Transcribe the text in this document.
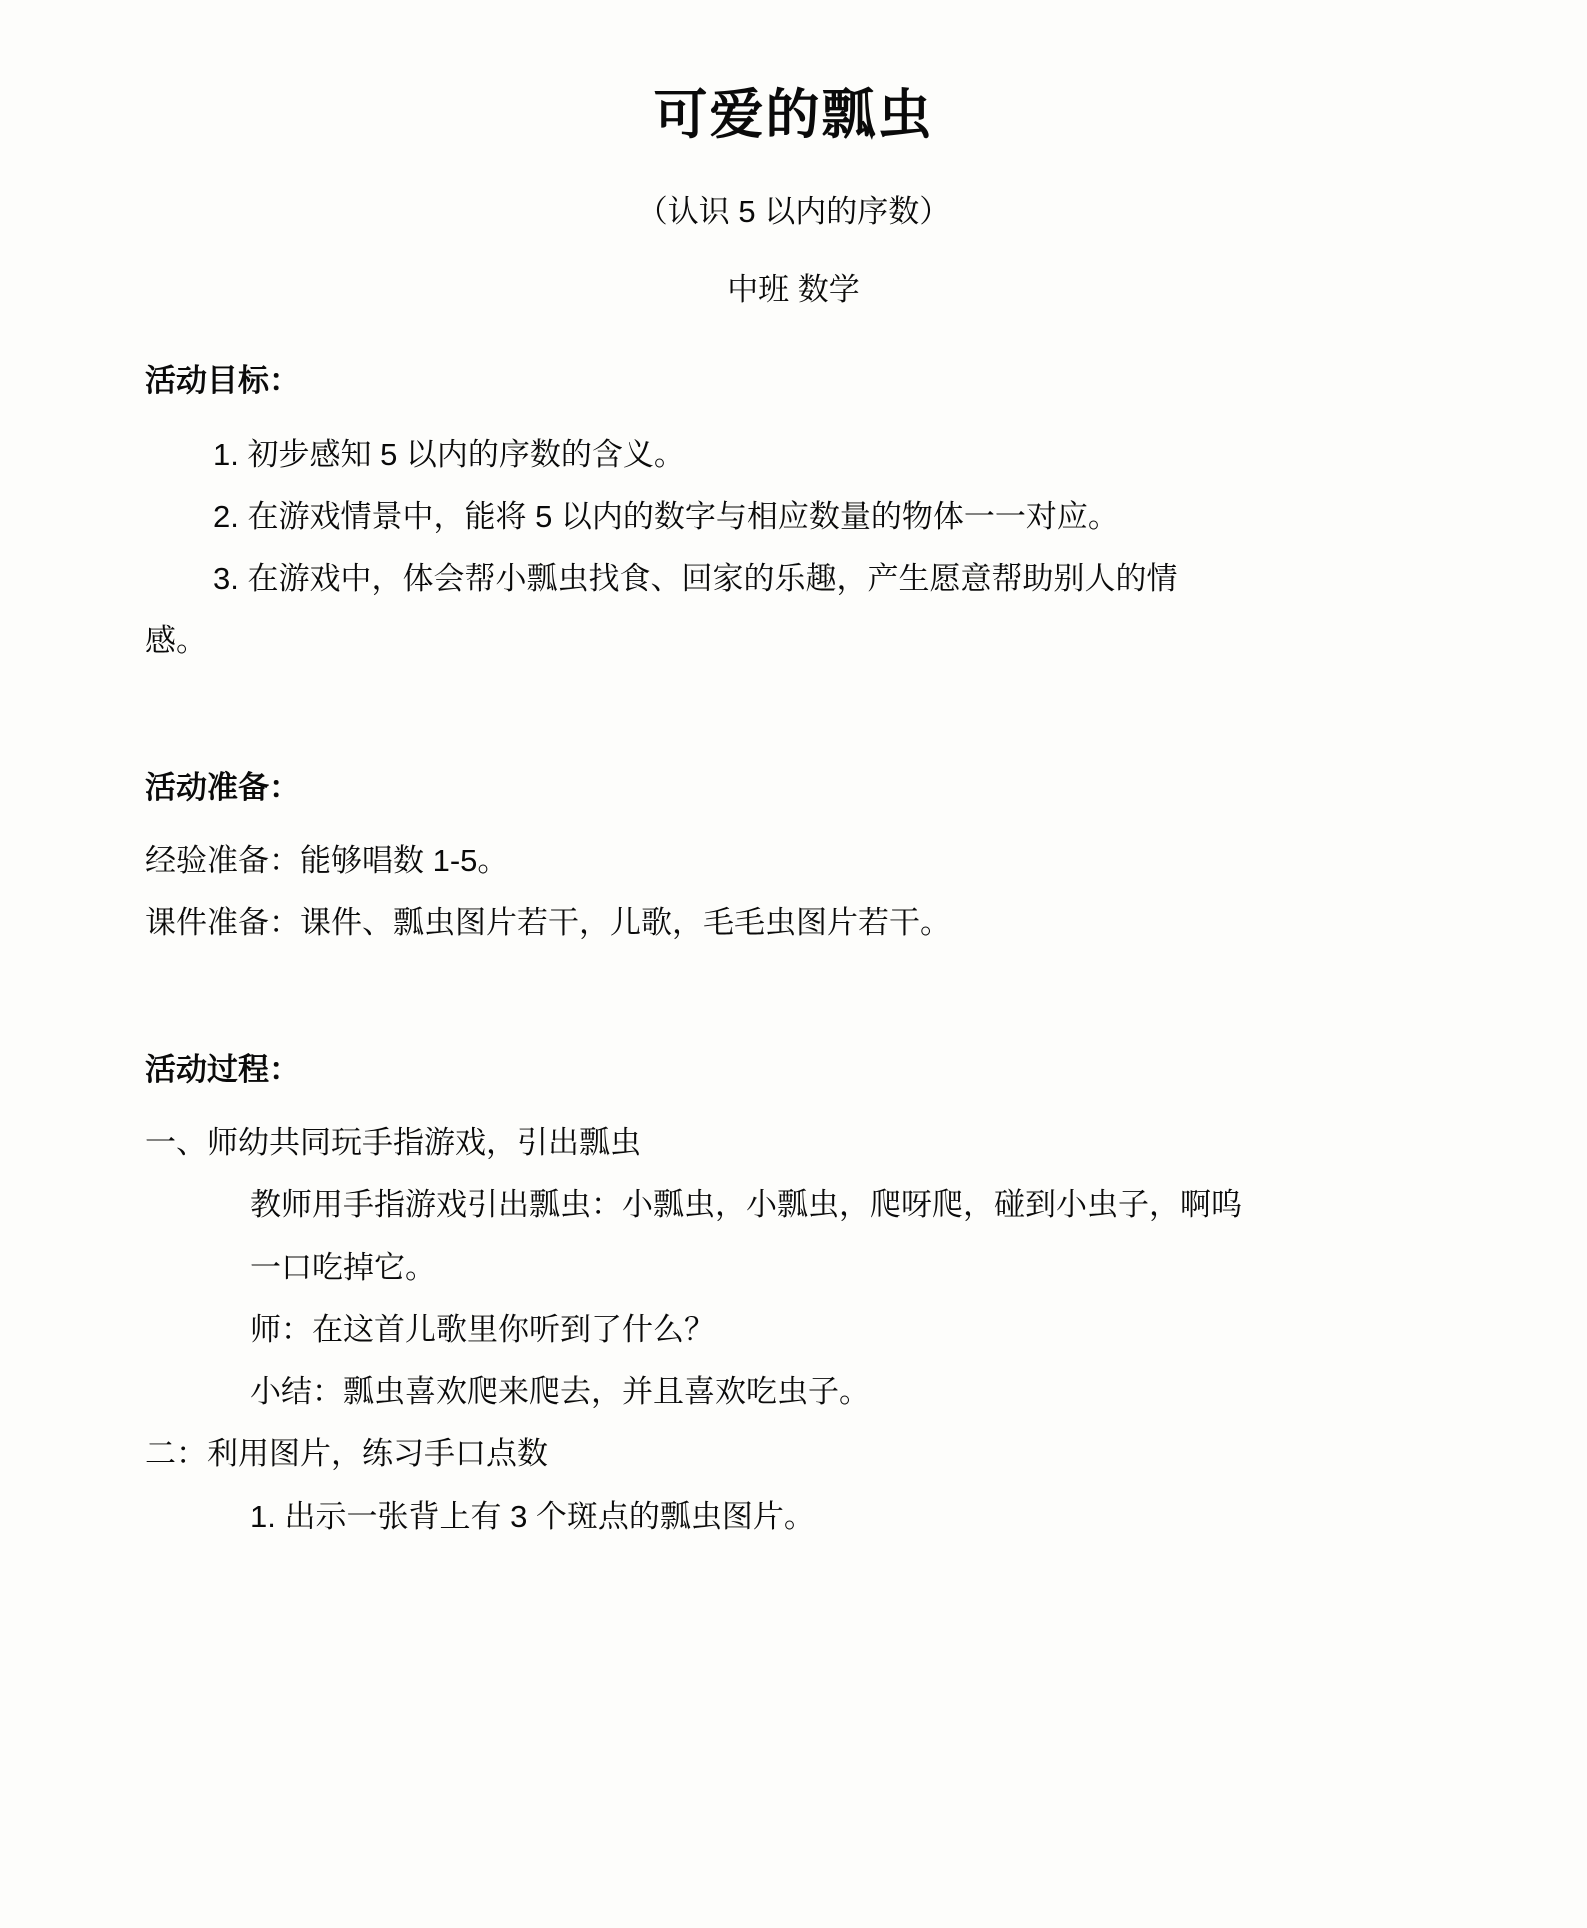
可爱的瓢虫
（认识 5 以内的序数）
中班 数学
活动目标：
1. 初步感知 5 以内的序数的含义。
2. 在游戏情景中，能将 5 以内的数字与相应数量的物体一一对应。
3. 在游戏中，体会帮小瓢虫找食、回家的乐趣，产生愿意帮助别人的情
感。
活动准备：
经验准备：能够唱数 1-5。
课件准备：课件、瓢虫图片若干，儿歌，毛毛虫图片若干。
活动过程：
一、师幼共同玩手指游戏，引出瓢虫
教师用手指游戏引出瓢虫：小瓢虫，小瓢虫，爬呀爬，碰到小虫子，啊呜
一口吃掉它。
师：在这首儿歌里你听到了什么？
小结：瓢虫喜欢爬来爬去，并且喜欢吃虫子。
二：利用图片，练习手口点数
1. 出示一张背上有 3 个斑点的瓢虫图片。
